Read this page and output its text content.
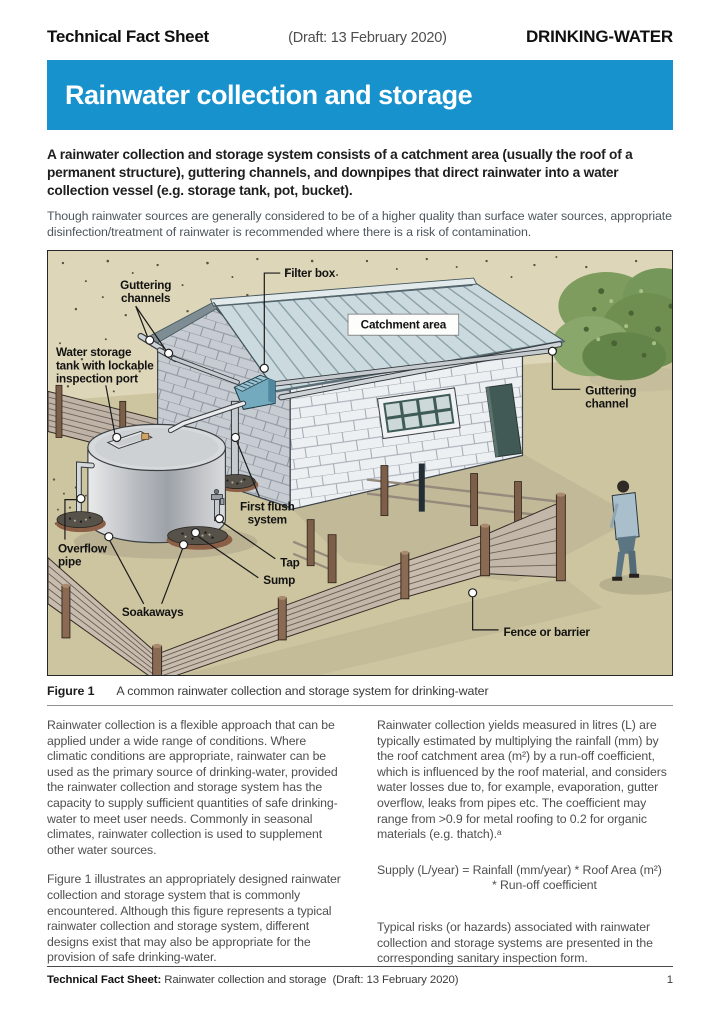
Technical Fact Sheet	(Draft: 13 February 2020)	DRINKING-WATER
Rainwater collection and storage
A rainwater collection and storage system consists of a catchment area (usually the roof of a permanent structure), guttering channels, and downpipes that direct rainwater into a water collection vessel (e.g. storage tank, pot, bucket).
Though rainwater sources are generally considered to be of a higher quality than surface water sources, appropriate disinfection/treatment of rainwater is recommended where there is a risk of contamination.
Catchment area
Filter box
Guttering
channels
Water storage
tank with lockable
inspection port
Guttering
channel
First flush
system
Overflow
pipe	Tap
Sump
Soakaways
Fence or barrier
Figure 1 A common rainwater collection and storage system for drinking-water

Rainwater collection is a flexible approach that can be applied under a wide range of conditions. Where climatic conditions are appropriate, rainwater can be used as the primary source of drinking-water, provided the rainwater collection and storage system has the capacity to supply sufficient quantities of safe drinking-water to meet user needs. Commonly in seasonal climates, rainwater collection is used to supplement other water sources.

Figure 1 illustrates an appropriately designed rainwater collection and storage system that is commonly encountered. Although this figure represents a typical rainwater collection and storage system, different designs exist that may also be appropriate for the provision of safe drinking-water.

Rainwater collection yields measured in litres (L) are typically estimated by multiplying the rainfall (mm) by the roof catchment area (m²) by a run-off coefficient, which is influenced by the roof material, and considers water losses due to, for example, evaporation, gutter overflow, leaks from pipes etc. The coefficient may range from >0.9 for metal roofing to 0.2 for organic materials (e.g. thatch).ᵃ

Supply (L/year) = Rainfall (mm/year) * Roof Area (m²)
* Run-off coefficient

Typical risks (or hazards) associated with rainwater collection and storage systems are presented in the corresponding sanitary inspection form.

Technical Fact Sheet: Rainwater collection and storage (Draft: 13 February 2020)	1
